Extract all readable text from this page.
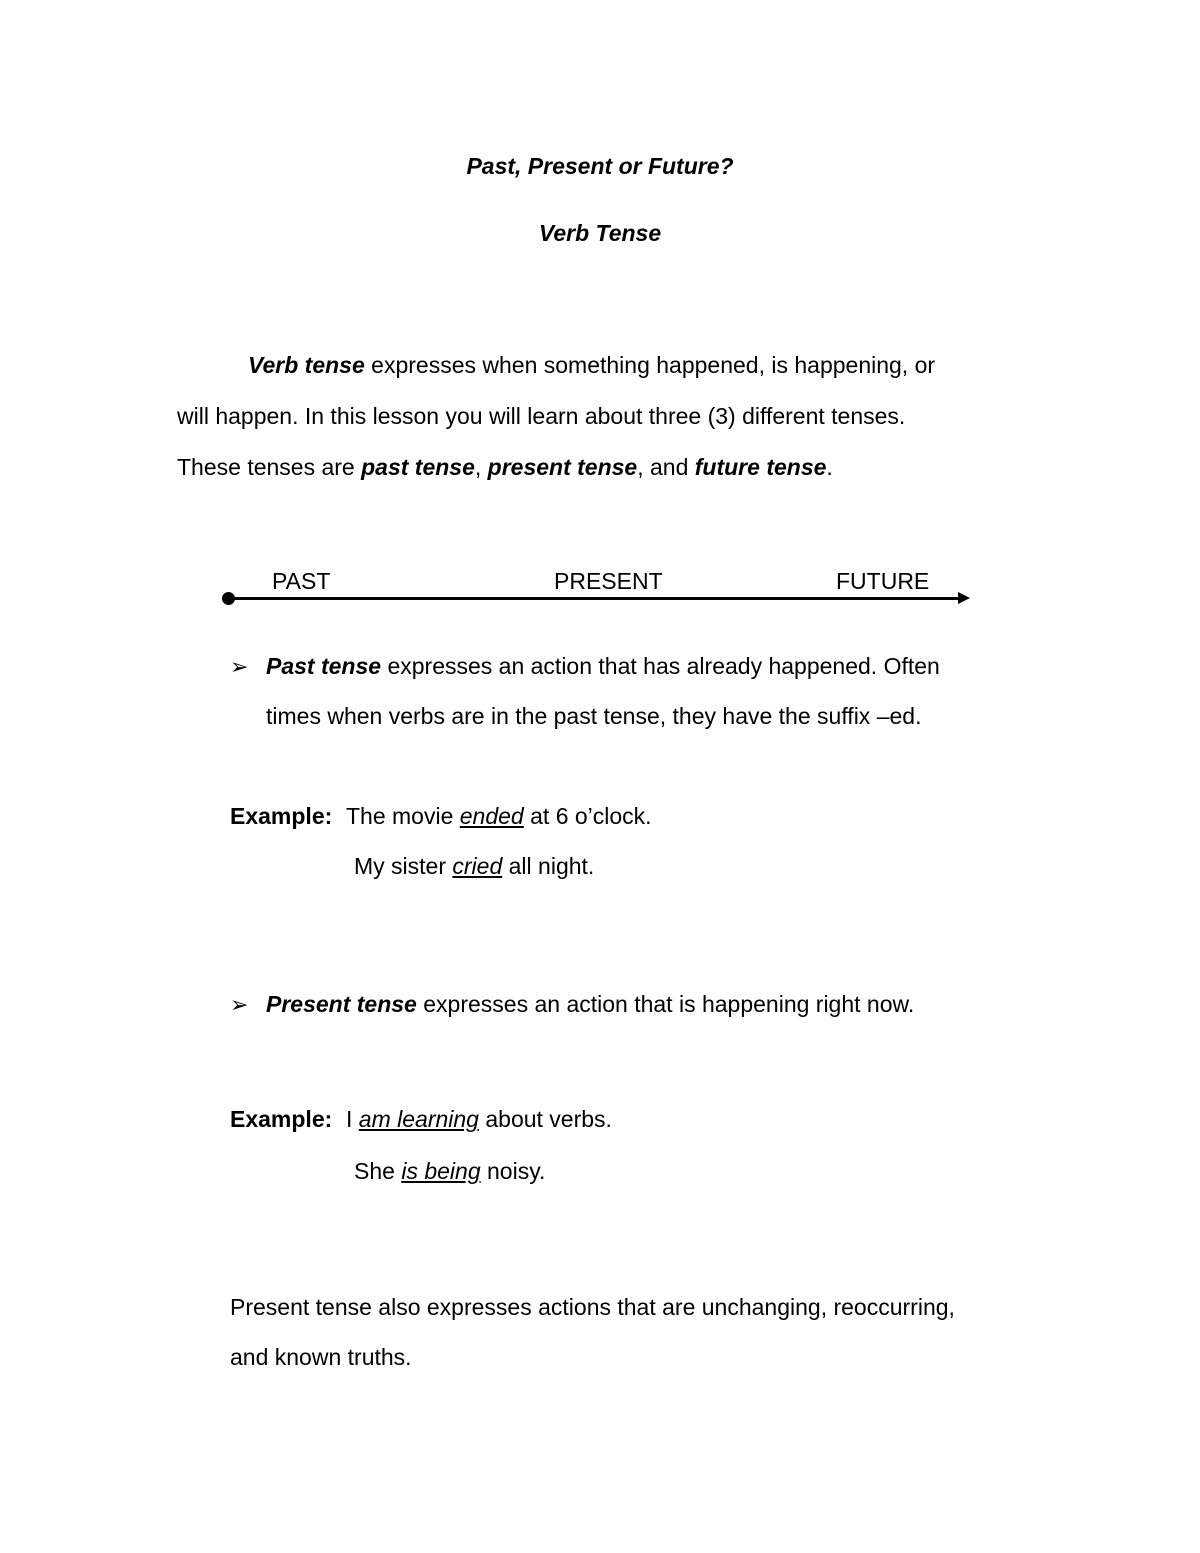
Past, Present or Future?
Verb Tense
Verb tense expresses when something happened, is happening, or
will happen. In this lesson you will learn about three (3) different tenses.
These tenses are past tense, present tense, and future tense.
PAST	PRESENT	FUTURE
➢ Past tense expresses an action that has already happened. Often
times when verbs are in the past tense, they have the suffix –ed.
Example: The movie ended at 6 o’clock.
My sister cried all night.
➢ Present tense expresses an action that is happening right now.
Example: I am learning about verbs.
She is being noisy.
Present tense also expresses actions that are unchanging, reoccurring,
and known truths.
